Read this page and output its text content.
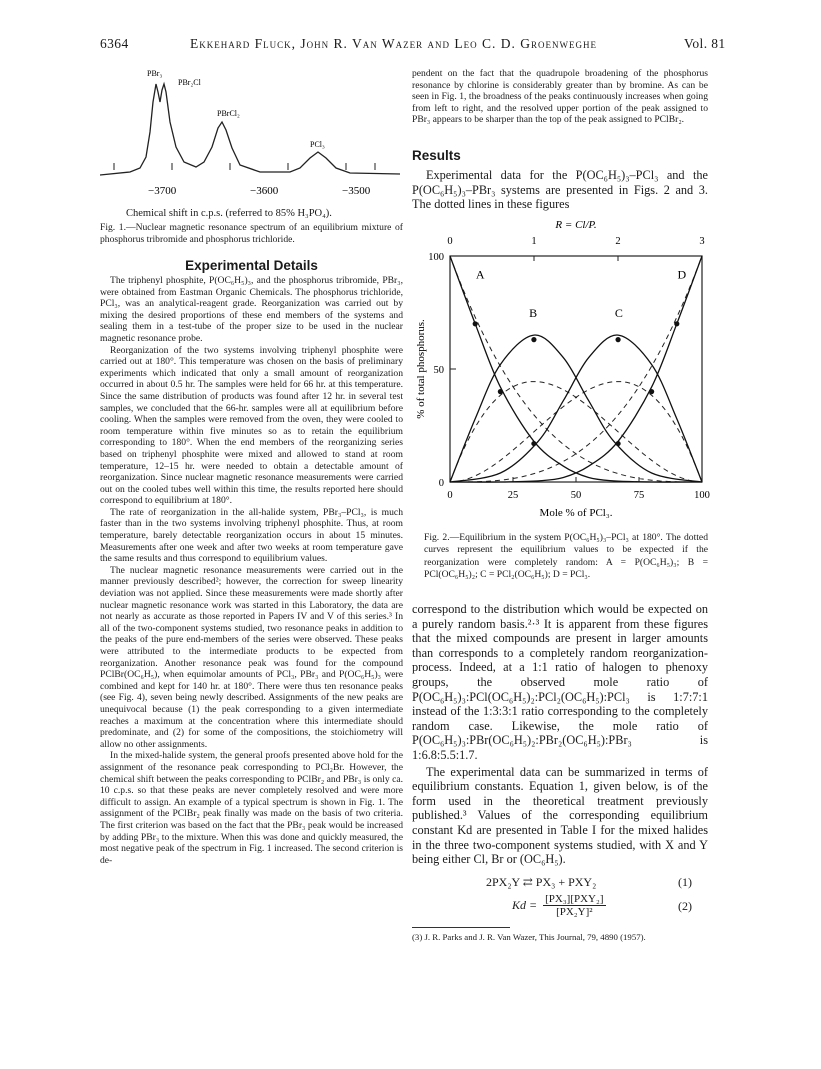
6364	Ekkehard Fluck, John R. Van Wazer and Leo C. D. Groenweghe	Vol. 81
PBr₃
PBr₂Cl
PBrCl₂
PCl₃
−3700	−3600	−3500
Chemical shift in c.p.s. (referred to 85% H₃PO₄).
Fig. 1.—Nuclear magnetic resonance spectrum of an equilibrium mixture of phosphorus tribromide and phosphorus trichloride.
Experimental Details

The triphenyl phosphite, P(OC₆H₅)₃, and the phosphorus tribromide, PBr₃, were obtained from Eastman Organic Chemicals. The phosphorus trichloride, PCl₃, was an analytical-reagent grade. Reorganization was carried out by mixing the desired proportions of these end members of the systems and sealing them in a test-tube of the proper size to be used in the nuclear magnetic resonance probe.

Reorganization of the two systems involving triphenyl phosphite were carried out at 180°. This temperature was chosen on the basis of preliminary experiments which indicated that only a small amount of reorganization occurred in about 0.5 hr. The samples were held for 66 hr. at this temperature. Since the same distribution of products was found after 12 hr. in several test samples, we concluded that the 66-hr. samples were all at equilibrium before cooling. When the samples were removed from the oven, they were cooled to room temperature within five minutes so as to retain the equilibrium corresponding to 180°. When the end members of the reorganizing series based on triphenyl phosphite were mixed and allowed to stand at room temperature, 12–15 hr. were needed to obtain a detectable amount of reorganization. Since nuclear magnetic resonance measurements were carried out on the cooled tubes well within this time, the results reported here should correspond to equilibrium at 180°.

The rate of reorganization in the all-halide system, PBr₃–PCl₃, is much faster than in the two systems involving triphenyl phosphite. Thus, at room temperature, barely detectable reorganization occurs in about 15 minutes. Measurements after one week and after two weeks at room temperature gave the same results and thus correspond to equilibrium values.

The nuclear magnetic resonance measurements were carried out in the manner previously described²; however, the correction for sweep linearity deviation was not applied. Since these measurements were made shortly after nuclear magnetic resonance work was started in this Laboratory, the data are not nearly as accurate as those reported in Papers IV and V of this series.³ In all of the two-component systems studied, two resonance peaks in addition to the peaks of the pure end-members of the series were observed. These peaks were attributed to the intermediate products to be expected from reorganization. Another resonance peak was found for the compound PClBr(OC₆H₅), when equimolar amounts of PCl₃, PBr₃ and P(OC₆H₅)₃ were combined and kept for 140 hr. at 180°. There were thus ten resonance peaks (see Fig. 4), seven being newly described. Assignments of the new peaks are unequivocal because (1) the peak corresponding to a given intermediate reaches a maximum at the concentration where this intermediate should predominate, and (2) for some of the compositions, the stoichiometry will allow no other assignments.

In the mixed-halide system, the general proofs presented above hold for the assignment of the resonance peak corresponding to PCl₂Br. However, the chemical shift between the peaks corresponding to PClBr₂ and PBr₃ is only ca. 10 c.p.s. so that these peaks are never completely resolved and were more difficult to assign. An example of a typical spectrum is shown in Fig. 1. The assignment of the PClBr₂ peak finally was made on the basis of two criteria. The first criterion was based on the fact that the PBr₃ peak would be increased by adding PBr₃ to the mixture. When this was done and quickly measured, the most negative peak of the spectrum in Fig. 1 increased. The second criterion is de-

pendent on the fact that the quadrupole broadening of the phosphorus resonance by chlorine is considerably greater than by bromine. As can be seen in Fig. 1, the broadness of the peaks continuously increases when going from left to right, and the resolved upper portion of the peak assigned to PBr₃ appears to be sharper than the top of the peak assigned to PClBr₂.
Results

Experimental data for the P(OC₆H₅)₃–PCl₃ and the P(OC₆H₅)₃–PBr₃ systems are presented in Figs. 2 and 3. The dotted lines in these figures

R = Cl/P.
0	1	2	3
0	25	50	75	100
0
50
100
Mole % of PCl₃.
% of total phosphorus.
A
B	C
D
Fig. 2.—Equilibrium in the system P(OC₆H₅)₃–PCl₃ at 180°. The dotted curves represent the equilibrium values to be expected if the reorganization were completely random: A = P(OC₆H₅)₃; B = PCl(OC₆H₅)₂; C = PCl₂(OC₆H₅); D = PCl₃.

correspond to the distribution which would be expected on a purely random basis.²·³ It is apparent from these figures that the mixed compounds are present in larger amounts than corresponds to a completely random reorganization-process. Indeed, at a 1:1 ratio of halogen to phenoxy groups, the observed mole ratio of P(OC₆H₅)₃:PCl(OC₆H₅)₂:PCl₂(OC₆H₅):PCl₃ is 1:7:7:1 instead of the 1:3:3:1 ratio corresponding to the completely random case. Likewise, the mole ratio of P(OC₆H₅)₃:PBr(OC₆H₅)₂:PBr₂(OC₆H₅):PBr₃ is 1:6.8:5.5:1.7.

The experimental data can be summarized in terms of equilibrium constants. Equation 1, given below, is of the form used in the theoretical treatment previously published.³ Values of the corresponding equilibrium constant Kd are presented in Table I for the mixed halides in the three two-component systems studied, with X and Y being either Cl, Br or (OC₆H₅).

2PX₂Y ⇄ PX₃ + PXY₂	(1)
Kd = [PX₃][PXY₂]
[PX₂Y]²	(2)
(3) J. R. Parks and J. R. Van Wazer, This Journal, 79, 4890 (1957).
